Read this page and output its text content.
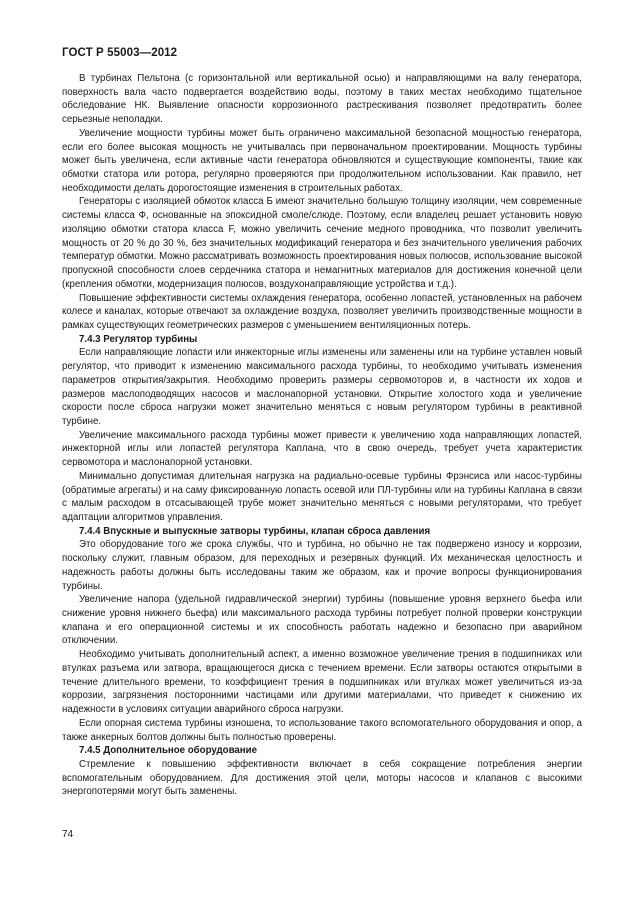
ГОСТ Р 55003—2012

В турбинах Пельтона (с горизонтальной или вертикальной осью) и направляющими на валу генератора, поверхность вала часто подвергается воздействию воды, поэтому в таких местах необходимо тщательное обследование НК. Выявление опасности коррозионного растрескивания позволяет предотвратить более серьезные неполадки.

Увеличение мощности турбины может быть ограничено максимальной безопасной мощностью генератора, если его более высокая мощность не учитывалась при первоначальном проектировании. Мощность турбины может быть увеличена, если активные части генератора обновляются и существующие компоненты, такие как обмотки статора или ротора, регулярно проверяются при продолжительном использовании. Как правило, нет необходимости делать дорогостоящие изменения в строительных работах.

Генераторы с изоляцией обмоток класса Б имеют значительно большую толщину изоляции, чем современные системы класса Ф, основанные на эпоксидной смоле/слюде. Поэтому, если владелец решает установить новую изоляцию обмотки статора класса F, можно увеличить сечение медного проводника, что позволит увеличить мощность от 20 % до 30 %, без значительных модификаций генератора и без значительного увеличения рабочих температур обмотки. Можно рассматривать возможность проектирования новых полюсов, использование высокой пропускной способности слоев сердечника статора и немагнитных материалов для достижения конечной цели (крепления обмотки, модернизация полюсов, воздухонаправляющие устройства и т.д.).

Повышение эффективности системы охлаждения генератора, особенно лопастей, установленных на рабочем колесе и каналах, которые отвечают за охлаждение воздуха, позволяет увеличить производственные мощности в рамках существующих геометрических размеров с уменьшением вентиляционных потерь.

7.4.3 Регулятор турбины

Если направляющие лопасти или инжекторные иглы изменены или заменены или на турбине уставлен новый регулятор, что приводит к изменению максимального расхода турбины, то необходимо учитывать изменения параметров открытия/закрытия. Необходимо проверить размеры сервомоторов и, в частности их ходов и размеров маслоподводящих насосов и маслонапорной установки. Открытие холостого хода и увеличение скорости после сброса нагрузки может значительно меняться с новым регулятором турбины в реактивной турбине.

Увеличение максимального расхода турбины может привести к увеличению хода направляющих лопастей, инжекторной иглы или лопастей регулятора Каплана, что в свою очередь, требует учета характеристик сервомотора и маслонапорной установки.

Минимально допустимая длительная нагрузка на радиально-осевые турбины Фрэнсиса или насос-турбины (обратимые агрегаты) и на саму фиксированную лопасть осевой или ПЛ-турбины или на турбины Каплана в связи с малым расходом в отсасывающей трубе может значительно меняться с новыми регуляторами, что требует адаптации алгоритмов управления.

7.4.4 Впускные и выпускные затворы турбины, клапан сброса давления

Это оборудование того же срока службы, что и турбина, но обычно не так подвержено износу и коррозии, поскольку служит, главным образом, для переходных и резервных функций. Их механическая целостность и надежность работы должны быть исследованы таким же образом, как и прочие вопросы функционирования турбины.

Увеличение напора (удельной гидравлической энергии) турбины (повышение уровня верхнего бьефа или снижение уровня нижнего бьефа) или максимального расхода турбины потребует полной проверки конструкции клапана и его операционной системы и их способность работать надежно и безопасно при аварийном отключении.

Необходимо учитывать дополнительный аспект, а именно возможное увеличение трения в подшипниках или втулках разъема или затвора, вращающегося диска с течением времени. Если затворы остаются открытыми в течение длительного времени, то коэффициент трения в подшипниках или втулках может увеличиться из-за коррозии, загрязнения посторонними частицами или другими материалами, что приведет к снижению их надежности в условиях ситуации аварийного сброса нагрузки.

Если опорная система турбины изношена, то использование такого вспомогательного оборудования и опор, а также анкерных болтов должны быть полностью проверены.

7.4.5 Дополнительное оборудование

Стремление к повышению эффективности включает в себя сокращение потребления энергии вспомогательным оборудованием. Для достижения этой цели, моторы насосов и клапанов с высокими энергопотерями могут быть заменены.

74
